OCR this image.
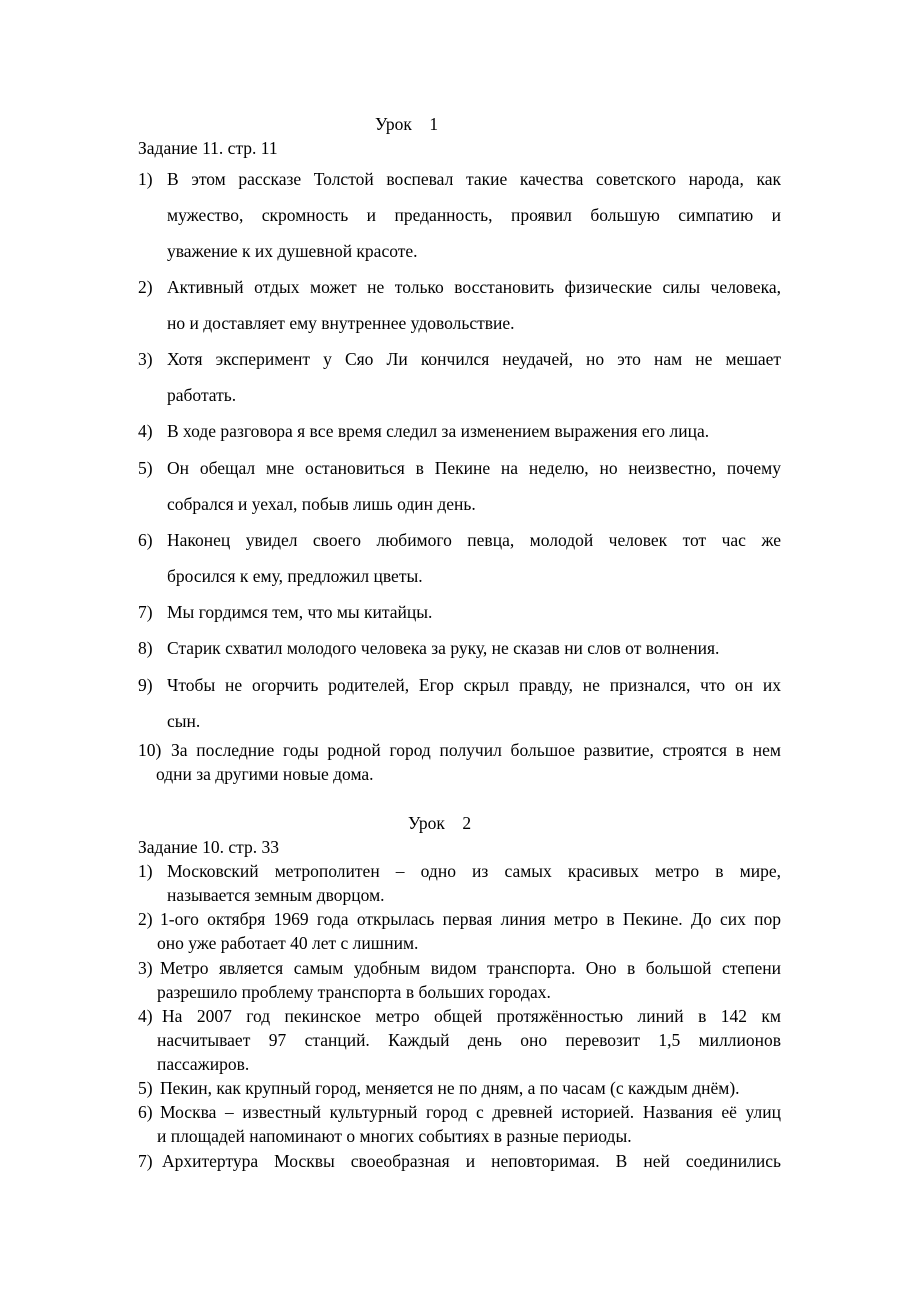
Урок    1
Задание 11. стр. 11
1) В этом рассказе Толстой воспевал такие качества советского народа, как
мужество, скромность и преданность, проявил большую симпатию и
уважение к их душевной красоте.
2) Активный отдых может не только восстановить физические силы человека,
но и доставляет ему внутреннее удовольствие.
3) Хотя эксперимент у Сяо Ли кончился неудачей, но это нам не мешает
работать.
4) В ходе разговора я все время следил за изменением выражения его лица.
5) Он обещал мне остановиться в Пекине на неделю, но неизвестно, почему
собрался и уехал, побыв лишь один день.
6) Наконец увидел своего любимого певца, молодой человек тот час же
бросился к ему, предложил цветы.
7) Мы гордимся тем, что мы китайцы.
8) Старик схватил молодого человека за руку, не сказав ни слов от волнения.
9) Чтобы не огорчить родителей, Егор скрыл правду, не признался, что он их
сын.
10) За последние годы родной город получил большое развитие, строятся в нем
одни за другими новые дома.
Урок    2
Задание 10. стр. 33
1) Московский метрополитен – одно из самых красивых метро в мире,
называется земным дворцом.
2) 1-ого октября 1969 года открылась первая линия метро в Пекине. До сих пор
оно уже работает 40 лет с лишним.
3) Метро является самым удобным видом транспорта. Оно в большой степени
разрешило проблему транспорта в больших городах.
4) На 2007 год пекинское метро общей протяжённостью линий в 142 км
насчитывает 97 станций. Каждый день оно перевозит 1,5 миллионов
пассажиров.
5) Пекин, как крупный город, меняется не по дням, а по часам (с каждым днём).
6) Москва – известный культурный город с древней историей. Названия её улиц
и площадей напоминают о многих событиях в разные периоды.
7) Архитертура Москвы своеобразная и неповторимая. В ней соединились
